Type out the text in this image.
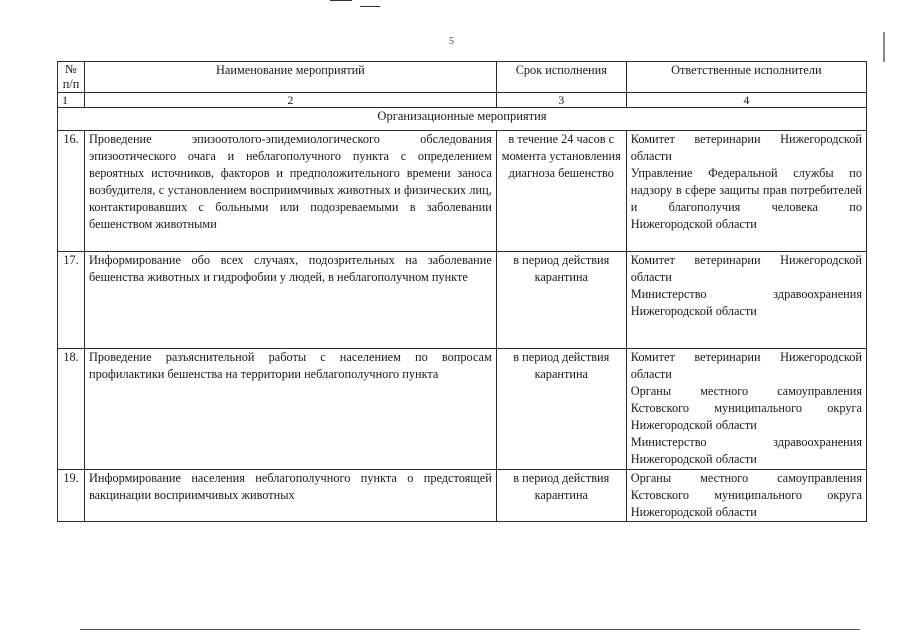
5
№ п/п	Наименование мероприятий	Срок исполнения	Ответственные исполнители
1	2	3	4
Организационные мероприятия			
16.	Проведение эпизоотолого-эпидемиологического обследования эпизоотического очага и неблагополучного пункта с определением вероятных источников, факторов и предположительного времени заноса возбудителя, с установлением восприимчивых животных и физических лиц, контактировавших с больными или подозреваемыми в заболевании бешенством животными	в течение 24 часов с момента установления диагноза бешенство	Комитет ветеринарии Нижегородской области
Управление Федеральной службы по надзору в сфере защиты прав потребителей и благополучия человека по Нижегородской области

17.	Информирование обо всех случаях, подозрительных на заболевание бешенства животных и гидрофобии у людей, в неблагополучном пункте	в период действия карантина	Комитет ветеринарии Нижегородской области
Министерство здравоохранения Нижегородской области

18.	Проведение разъяснительной работы с населением по вопросам профилактики бешенства на территории неблагополучного пункта	в период действия карантина	Комитет ветеринарии Нижегородской области
Органы местного самоуправления Кстовского муниципального округа Нижегородской области
Министерство здравоохранения Нижегородской области

19.	Информирование населения неблагополучного пункта о предстоящей вакцинации восприимчивых животных	в период действия карантина	Органы местного самоуправления Кстовского муниципального округа Нижегородской области
